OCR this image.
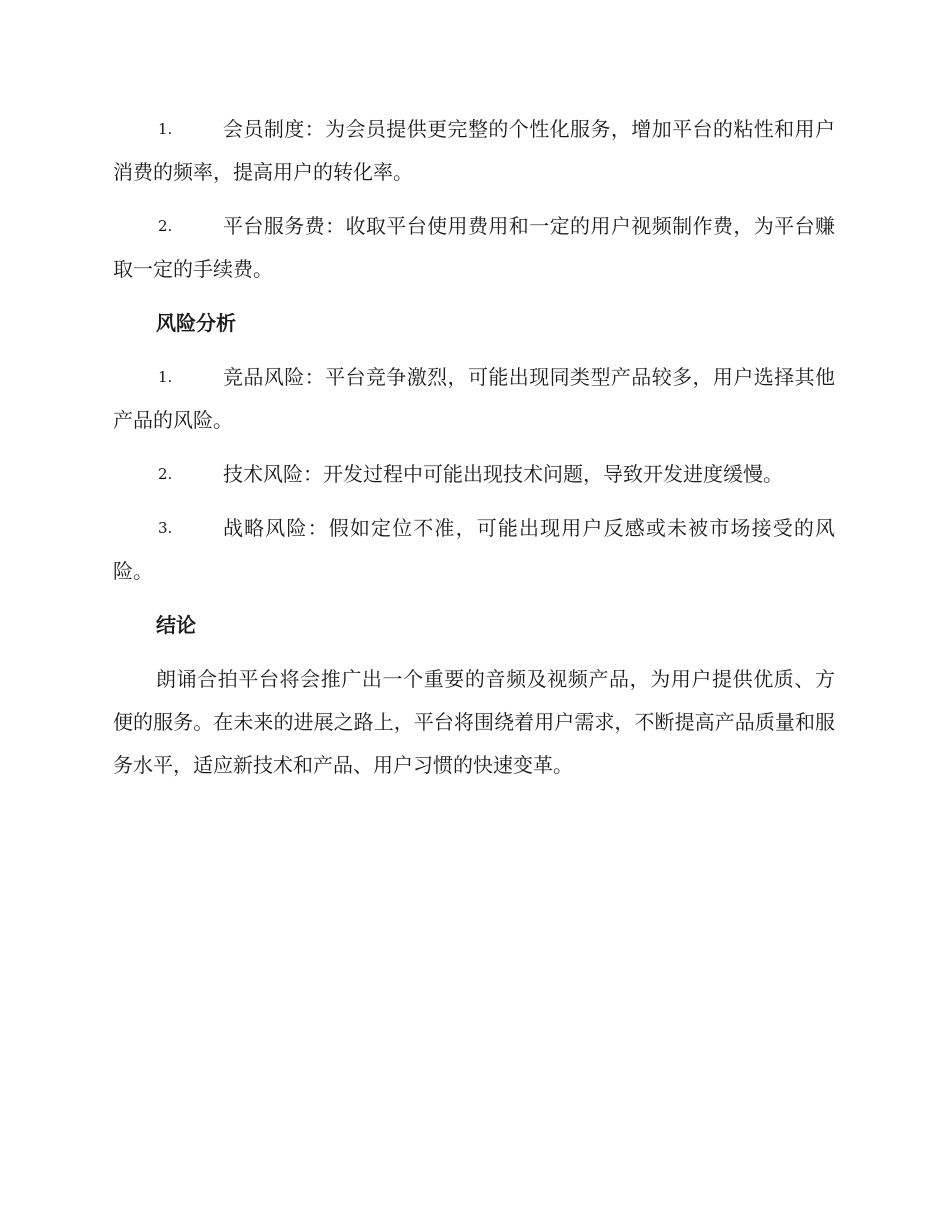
1.	会员制度：为会员提供更完整的个性化服务，增加平台的粘性和用户消费的频率，提高用户的转化率。
2.	平台服务费：收取平台使用费用和一定的用户视频制作费，为平台赚取一定的手续费。
风险分析
1.	竞品风险：平台竞争激烈，可能出现同类型产品较多，用户选择其他产品的风险。
2.	技术风险：开发过程中可能出现技术问题，导致开发进度缓慢。
3.	战略风险：假如定位不准，可能出现用户反感或未被市场接受的风险。
结论

朗诵合拍平台将会推广出一个重要的音频及视频产品，为用户提供优质、方便的服务。在未来的进展之路上，平台将围绕着用户需求，不断提高产品质量和服务水平，适应新技术和产品、用户习惯的快速变革。
